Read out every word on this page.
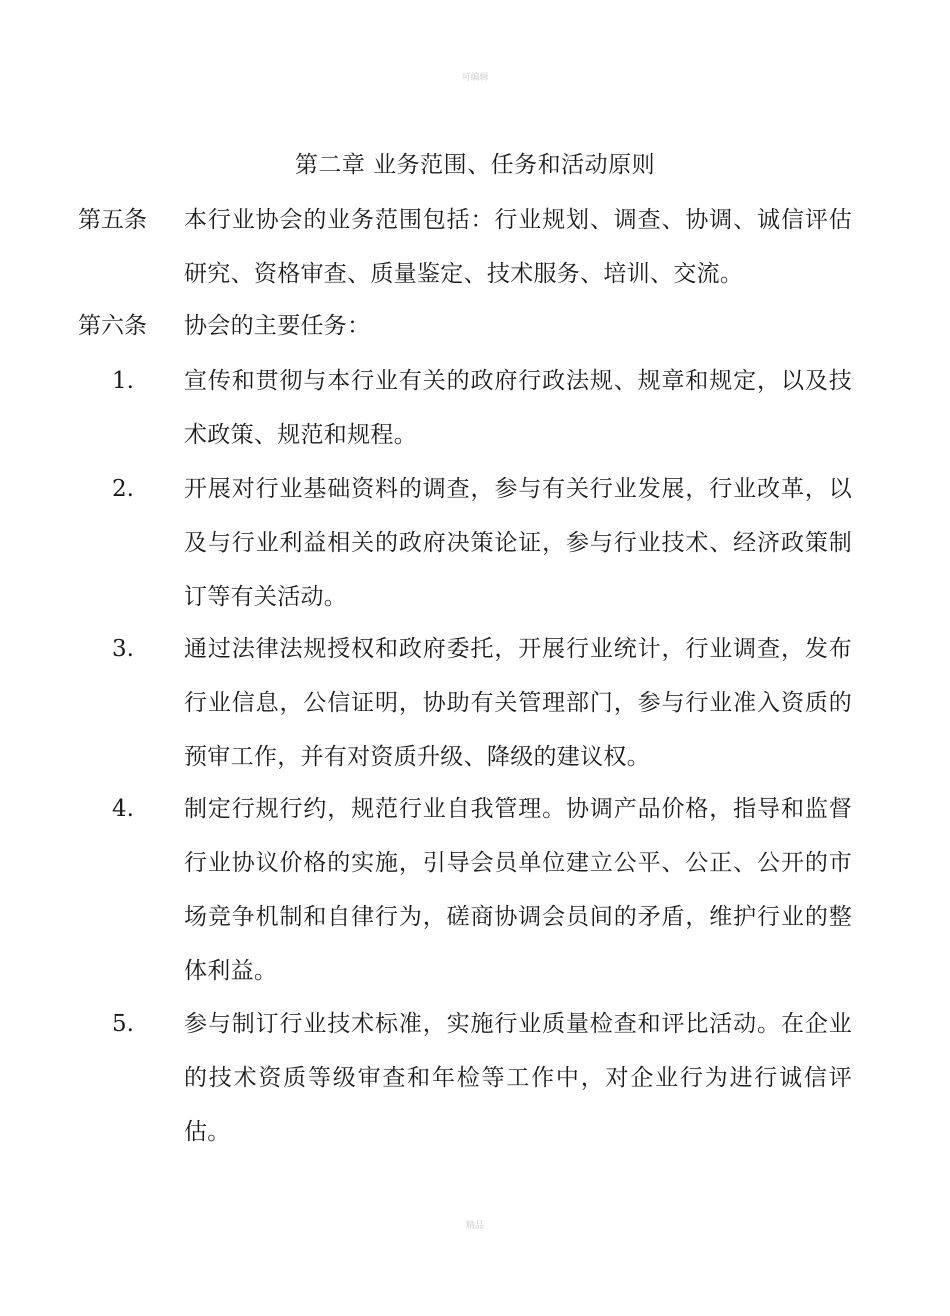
可编辑
第二章 业务范围、任务和活动原则
第五条 本行业协会的业务范围包括：行业规划、调查、协调、诚信评估研究、资格审查、质量鉴定、技术服务、培训、交流。
第六条 协会的主要任务：
1. 宣传和贯彻与本行业有关的政府行政法规、规章和规定，以及技术政策、规范和规程。
2. 开展对行业基础资料的调查，参与有关行业发展，行业改革，以及与行业利益相关的政府决策论证，参与行业技术、经济政策制订等有关活动。
3. 通过法律法规授权和政府委托，开展行业统计，行业调查，发布行业信息，公信证明，协助有关管理部门，参与行业准入资质的预审工作，并有对资质升级、降级的建议权。
4. 制定行规行约，规范行业自我管理。协调产品价格，指导和监督行业协议价格的实施，引导会员单位建立公平、公正、公开的市场竞争机制和自律行为，磋商协调会员间的矛盾，维护行业的整体利益。
5. 参与制订行业技术标准，实施行业质量检查和评比活动。在企业的技术资质等级审查和年检等工作中，对企业行为进行诚信评估。
精品
